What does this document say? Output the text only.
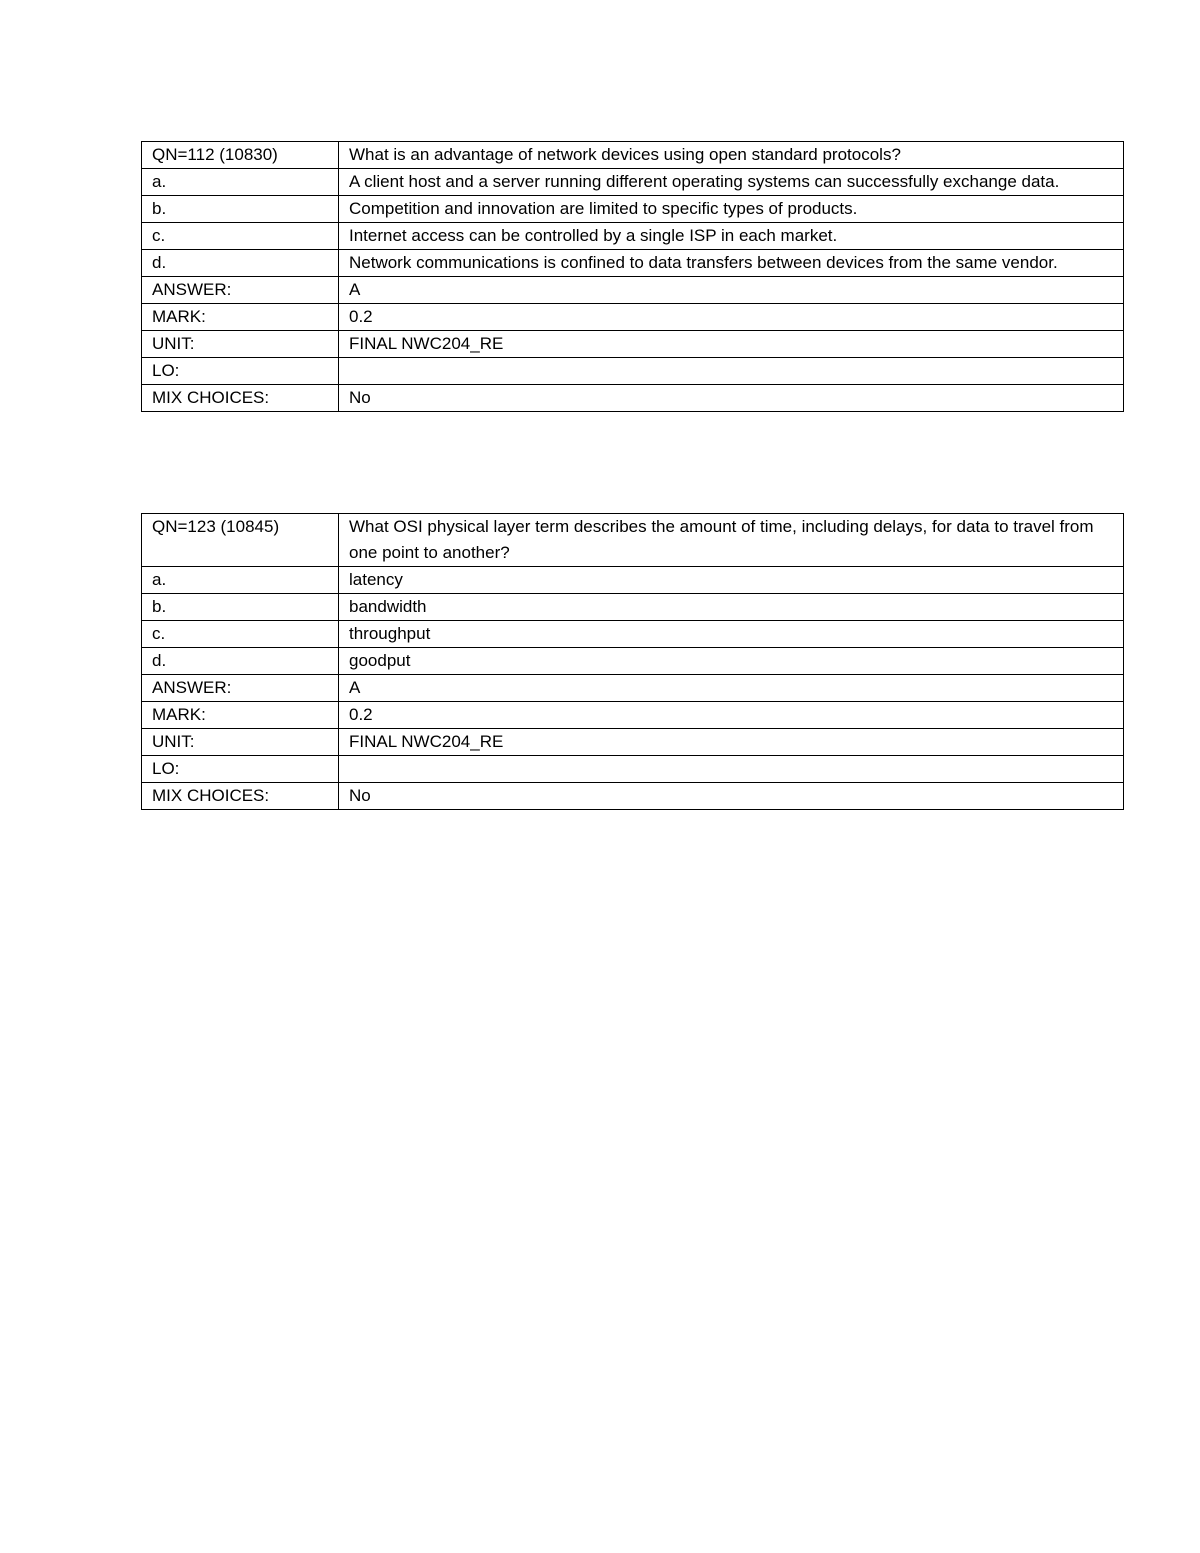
QN=112 (10830)	What is an advantage of network devices using open standard protocols?
a.	A client host and a server running different operating systems can successfully exchange data.
b.	Competition and innovation are limited to specific types of products.
c.	Internet access can be controlled by a single ISP in each market.
d.	Network communications is confined to data transfers between devices from the same vendor.
ANSWER:	A
MARK:	0.2
UNIT:	FINAL NWC204_RE
LO:	
MIX CHOICES:	No
QN=123 (10845)	What OSI physical layer term describes the amount of time, including delays, for data to travel from one point to another?
a.	latency
b.	bandwidth
c.	throughput
d.	goodput
ANSWER:	A
MARK:	0.2
UNIT:	FINAL NWC204_RE
LO:	
MIX CHOICES:	No
